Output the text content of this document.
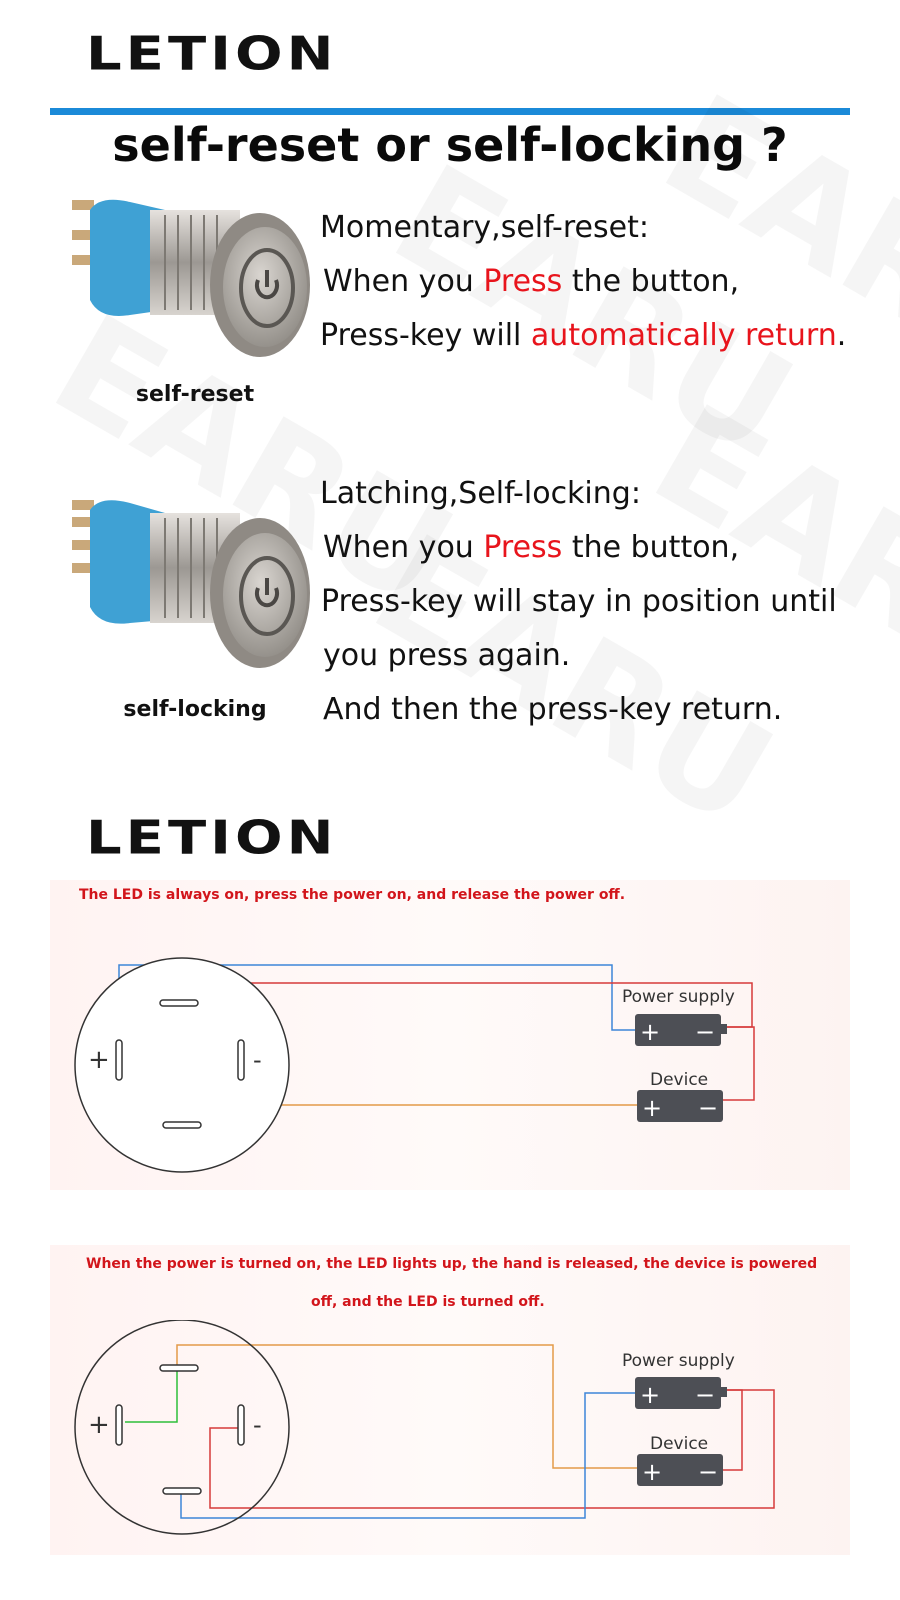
LETION
self-reset or self-locking ?
self-reset
Momentary,self-reset:
When you Press the button,
Press-key will automatically return.
self-locking
Latching,Self-locking:
When you Press the button,
Press-key will stay in position until
you press again.
And then the press-key return.
LETION
The LED is always on, press the power on, and release the power off.
+	-
Power supply
+ −
Device
+ −
When the power is turned on, the LED lights up, the hand is released, the device is powered
off, and the LED is turned off.
+	-
Power supply
+ −
Device
+ −
